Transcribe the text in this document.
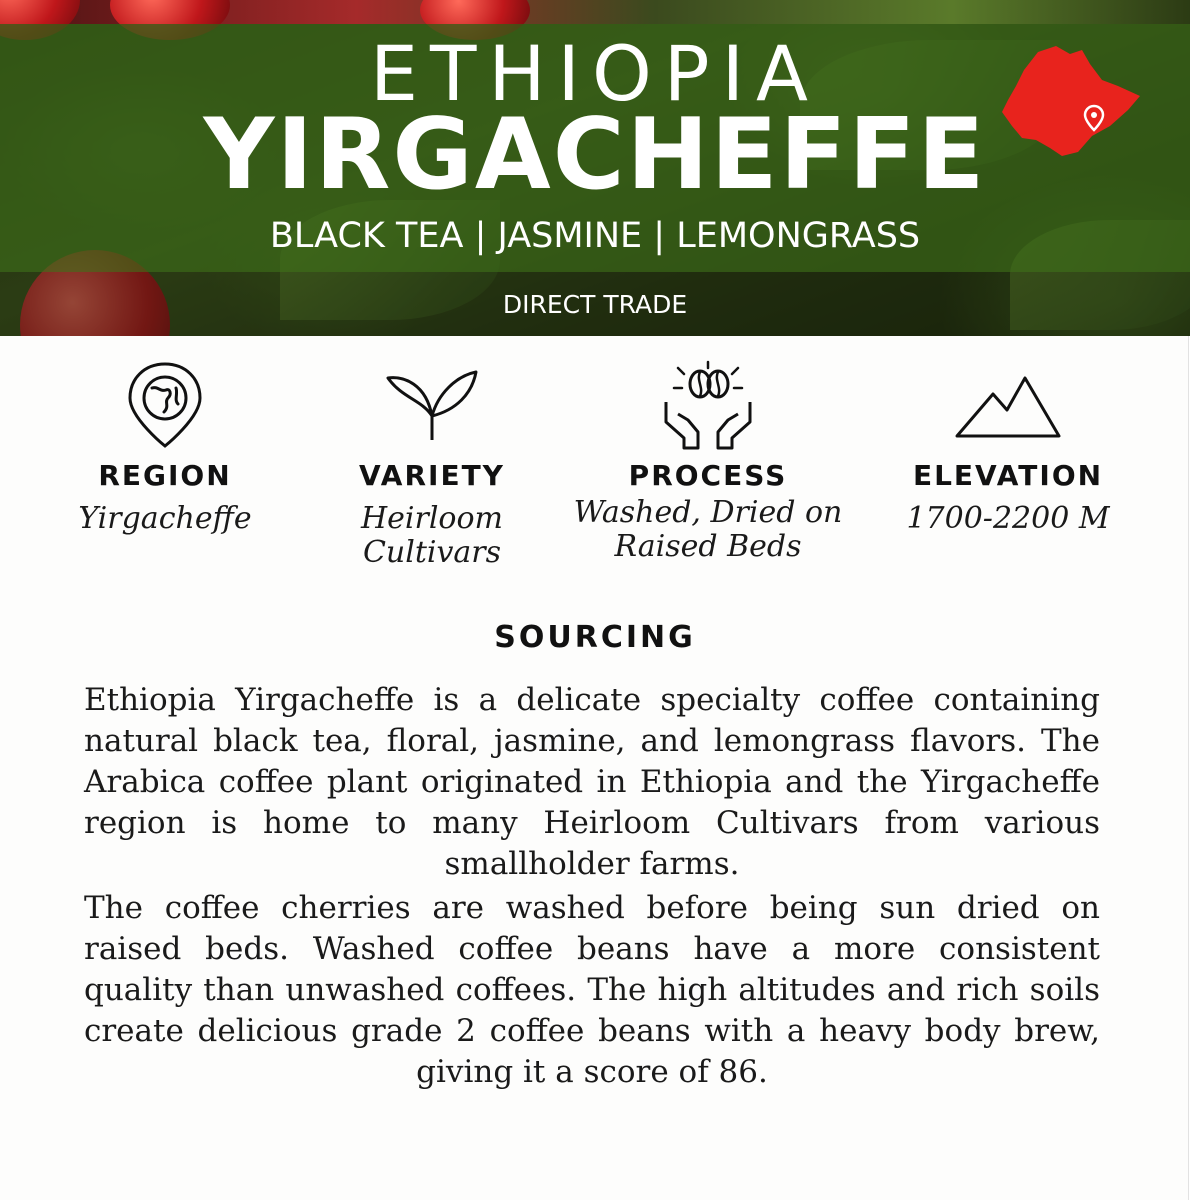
ETHIOPIA
YIRGACHEFFE
BLACK TEA | JASMINE | LEMONGRASS
DIRECT TRADE
REGION
Yirgacheffe
VARIETY
Heirloom Cultivars
PROCESS
Washed, Dried on
Raised Beds
ELEVATION
1700-2200 M
SOURCING

Ethiopia Yirgacheffe is a delicate specialty coffee containing natural black tea, floral, jasmine, and lemongrass flavors. The Arabica coffee plant originated in Ethiopia and the Yirgacheffe region is home to many Heirloom Cultivars from various smallholder farms.

The coffee cherries are washed before being sun dried on raised beds. Washed coffee beans have a more consistent quality than unwashed coffees. The high altitudes and rich soils create delicious grade 2 coffee beans with a heavy body brew, giving it a score of 86.
